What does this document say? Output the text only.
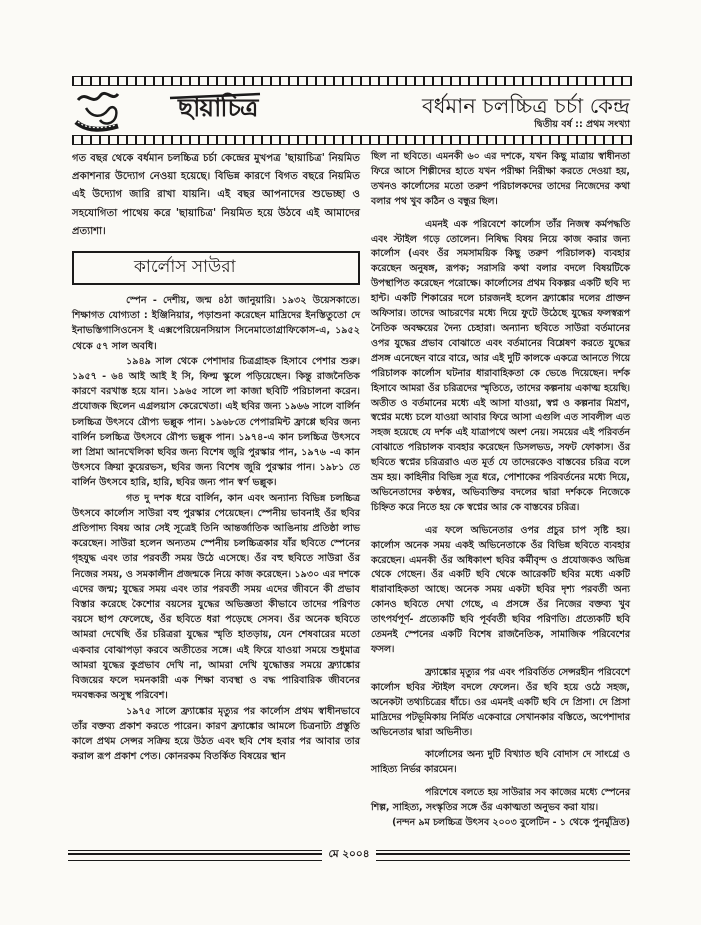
ছায়াচিত্র	বর্ধমান চলচ্চিত্র চর্চা কেন্দ্র
দ্বিতীয় বর্ষ :: প্রথম সংখ্যা

গত বছর থেকে বর্ধমান চলচ্চিত্র চর্চা কেন্দ্রের মুখপত্র 'ছায়াচিত্র' নিয়মিত প্রকাশনার উদ্যোগ নেওয়া হয়েছে। বিভিন্ন কারণে বিগত বছরে নিয়মিত এই উদ্যোগ জারি রাখা যায়নি। এই বছর আপনাদের শুভেচ্ছা ও সহযোগিতা পাথেয় করে 'ছায়াচিত্র' নিয়মিত হয়ে উঠবে এই আমাদের প্রত্যাশা।

কার্লোস সাউরা

স্পেন - দেশীয়, জন্ম ৪ঠা জানুয়ারি। ১৯৩২ উয়েসকাতে। শিক্ষাগত যোগ্যতা : ইঞ্জিনিয়ার, পড়াশুনা করেছেন মাদ্রিদের ইনস্তিতুতো দে ইনাভস্তিগাসিওনেস ই এক্সপেরিয়েনসিয়াস সিনেমাতোগ্রাফিকোস-এ, ১৯৫২ থেকে ৫৭ সাল অবধি।

১৯৪৯ সাল থেকে পেশাদার চিত্রগ্রাহক হিসাবে পেশার শুরু। ১৯৫৭ - ৬৪ আই আই ই সি, ফিল্ম স্কুলে পড়িয়েছেন। কিন্তু রাজনৈতিক কারণে বরখাস্ত হয়ে যান। ১৯৬৫ সালে লা কাজা ছবিটি পরিচালনা করেন। প্রযোজক ছিলেন এগ্রলয়াস কেরেখেতা। এই ছবির জন্য ১৯৬৬ সালে বার্লিন চলচ্চিত্র উৎসবে রৌপ্য ভল্লুক পান। ১৯৬৮তে পেপারমিন্ট ফ্রাপ্পে ছবির জন্য বার্লিন চলচ্চিত্র উৎসবে রৌপ্য ভল্লুক পান। ১৯৭৪-এ কান চলচ্চিত্র উৎসবে লা প্রিমা আনখেলিকা ছবির জন্য বিশেষ জুরি পুরস্কার পান, ১৯৭৬ -এ কান উৎসবে ক্রিয়া কুয়েরভস, ছবির জন্য বিশেষ জুরি পুরস্কার পান। ১৯৮১ তে বার্লিন উৎসবে হারি, হারি, ছবির জন্য পান স্বর্ণ ভল্লুক।

গত দু দশক ধরে বার্লিন, কান এবং অন্যান্য বিভিন্ন চলচ্চিত্র উৎসবে কার্লোস সাউরা বহু পুরস্কার পেয়েছেন। স্পেনীয় ভাবনাই ওঁর ছবির প্রতিপাদ্য বিষয় আর সেই সূত্রেই তিনি আন্তর্জাতিক আঙিনায় প্রতিষ্ঠা লাভ করেছেন। সাউরা হলেন অন্যতম স্পেনীয় চলচ্চিত্রকার যাঁর ছবিতে স্পেনের গৃহযুদ্ধ এবং তার পরবর্তী সময় উঠে এসেছে। ওঁর বহু ছবিতে সাউরা ওঁর নিজের সময়, ও সমকালীন প্রজন্মকে নিয়ে কাজ করেছেন। ১৯৩০ এর দশকে এদের জন্ম; যুদ্ধের সময় এবং তার পরবর্তী সময় এদের জীবনে কী প্রভাব বিস্তার করেছে কৈশোর বয়সের যুদ্ধের অভিজ্ঞতা কীভাবে তাদের পরিণত বয়সে ছাপ ফেলেছে, ওঁর ছবিতে ধরা পড়েছে সেসব। ওঁর অনেক ছবিতে আমরা দেখেছি ওঁর চরিত্ররা যুদ্ধের স্মৃতি হাতড়ায়, যেন শেষবারের মতো একবার বোঝাপড়া করবে অতীতের সঙ্গে। এই ফিরে যাওয়া সময়ে শুধুমাত্র আমরা যুদ্ধের কুপ্রভাব দেখি না, আমরা দেখি যুদ্ধোত্তর সময়ে ফ্র্যাঙ্কোর বিজয়ের ফলে দমনকারী এক শিক্ষা ব্যবস্থা ও বদ্ধ পারিবারিক জীবনের দমবন্ধকর অসুস্থ পরিবেশ।

১৯৭৫ সালে ফ্র্যাঙ্কোর মৃত্যুর পর কার্লোস প্রথম স্বাধীনভাবে তাঁর বক্তব্য প্রকাশ করতে পারেন। কারণ ফ্র্যাঙ্কোর আমলে চিত্রনাট্য প্রস্তুতি কালে প্রথম সেন্সর সক্রিয় হয়ে উঠত এবং ছবি শেষ হবার পর আবার তার করাল রূপ প্রকাশ পেত। কোনরকম বিতর্কিত বিষয়ের স্থান

ছিল না ছবিতে। এমনকী ৬০ এর দশকে, যখন কিছু মাত্রায় স্বাধীনতা ফিরে আসে শিল্পীদের হাতে যখন পরীক্ষা নিরীক্ষা করতে দেওয়া হয়, তখনও কার্লোসের মতো তরুণ পরিচালকদের তাদের নিজেদের কথা বলার পথ খুব কঠিন ও বন্ধুর ছিল।

এমনই এক পরিবেশে কার্লোস তাঁর নিজস্ব কর্মপদ্ধতি এবং স্টাইল গড়ে তোলেন। নিষিদ্ধ বিষয় নিয়ে কাজ করার জন্য কার্লোস (এবং ওঁর সমসাময়িক কিছু তরুণ পরিচালক) ব্যবহার করেছেন অনুষঙ্গ, রূপক; সরাসরি কথা বলার বদলে বিষয়টিকে উপস্থাপিত করেছেন পরোক্ষে। কার্লোসের প্রথম বিকল্পর একটি ছবি দ্য হান্ট। একটি শিকারের দলে চারজনই হলেন ফ্র্যাঙ্কোর দলের প্রাক্তন অফিসার। তাদের আচরণের মধ্যে দিয়ে ফুটে উঠেছে যুদ্ধের ফলস্বরূপ নৈতিক অবক্ষয়ের দৈন্য চেহারা। অন্যান্য ছবিতে সাউরা বর্তমানের ওপর যুদ্ধের প্রভাব বোঝাতে এবং বর্তমানের বিশ্লেষণ করতে যুদ্ধের প্রসঙ্গ এনেছেন বারে বারে, আর এই দুটি কালকে একত্রে আনতে গিয়ে পরিচালক কার্লোস ঘটনার ধারাবাহিকতা কে ভেঙে দিয়েছেন। দর্শক হিসাবে আমরা ওঁর চরিত্রদের স্মৃতিতে, তাদের কল্পনায় একাত্ম হয়েছি। অতীত ও বর্তমানের মধ্যে এই আসা যাওয়া, স্বপ্ন ও কল্পনার মিশ্রণ, স্বপ্নের মধ্যে চলে যাওয়া আবার ফিরে আসা এগুলি এত সাবলীল এত সহজ হয়েছে যে দর্শক এই যাত্রাপথে অংশ নেয়। সময়ের এই পরিবর্তন বোঝাতে পরিচালক ব্যবহার করেছেন ডিসলভড, সফট ফোকাস। ওঁর ছবিতে স্বপ্নের চরিত্ররাও এত মূর্ত যে তাদেরকেও বাস্তবের চরিত্র বলে ভ্রম হয়। কাহিনীর বিভিন্ন সূত্র ধরে, পোশাকের পরিবর্তনের মধ্যে দিয়ে, অভিনেতাদের কণ্ঠস্বর, অভিব্যক্তির বদলের দ্বারা দর্শককে নিজেকে চিহ্নিত করে নিতে হয় কে স্বপ্নের আর কে বাস্তবের চরিত্র।

এর ফলে অভিনেতার ওপর প্রচুর চাপ সৃষ্টি হয়। কার্লোস অনেক সময় একই অভিনেতাকে ওঁর বিভিন্ন ছবিতে ব্যবহার করেছেন। এমনকী ওঁর অধিকাংশ ছবির কর্মীবৃন্দ ও প্রযোজকও অভিন্ন থেকে গেছেন। ওঁর একটি ছবি থেকে আরেকটি ছবির মধ্যে একটি ধারাবাহিকতা আছে। অনেক সময় একটা ছবির দৃশ্য পরবর্তী অন্য কোনও ছবিতে দেখা গেছে, এ প্রসঙ্গে ওঁর নিজের বক্তব্য খুব তাৎপর্যপূর্ণ- প্রত্যেকটি ছবি পূর্ববর্তী ছবির পরিণতি। প্রত্যেকটি ছবি তেমনই স্পেনের একটি বিশেষ রাজনৈতিক, সামাজিক পরিবেশের ফসল।

ফ্র্যাঙ্কোর মৃত্যুর পর এবং পরিবর্তিত সেন্সরহীন পরিবেশে কার্লোস ছবির স্টাইল বদলে ফেলেন। ওঁর ছবি হয়ে ওঠে সহজ, অনেকটা তথ্যচিত্রের ধাঁচে। ওর এমনই একটি ছবি দে প্রিসা। দে প্রিসা মাদ্রিদের পটভূমিকায় নির্মিত একেবারে সেখানকার বস্তিতে, অপেশাদার অভিনেতার দ্বারা অভিনীত।

কার্লোসের অন্য দুটি বিখ্যাত ছবি বোদাস দে সাংগ্রে ও সাহিত্য নির্ভর কারমেন।

পরিশেষে বলতে হয় সাউরার সব কাজের মধ্যে স্পেনের শিল্প, সাহিত্য, সংস্কৃতির সঙ্গে ওঁর একাত্মতা অনুভব করা যায়।

(নন্দন ৯ম চলচ্চিত্র উৎসব ২০০৩ বুলেটিন - ১ থেকে পুনর্মুদ্রিত)

মে ২০০৪
